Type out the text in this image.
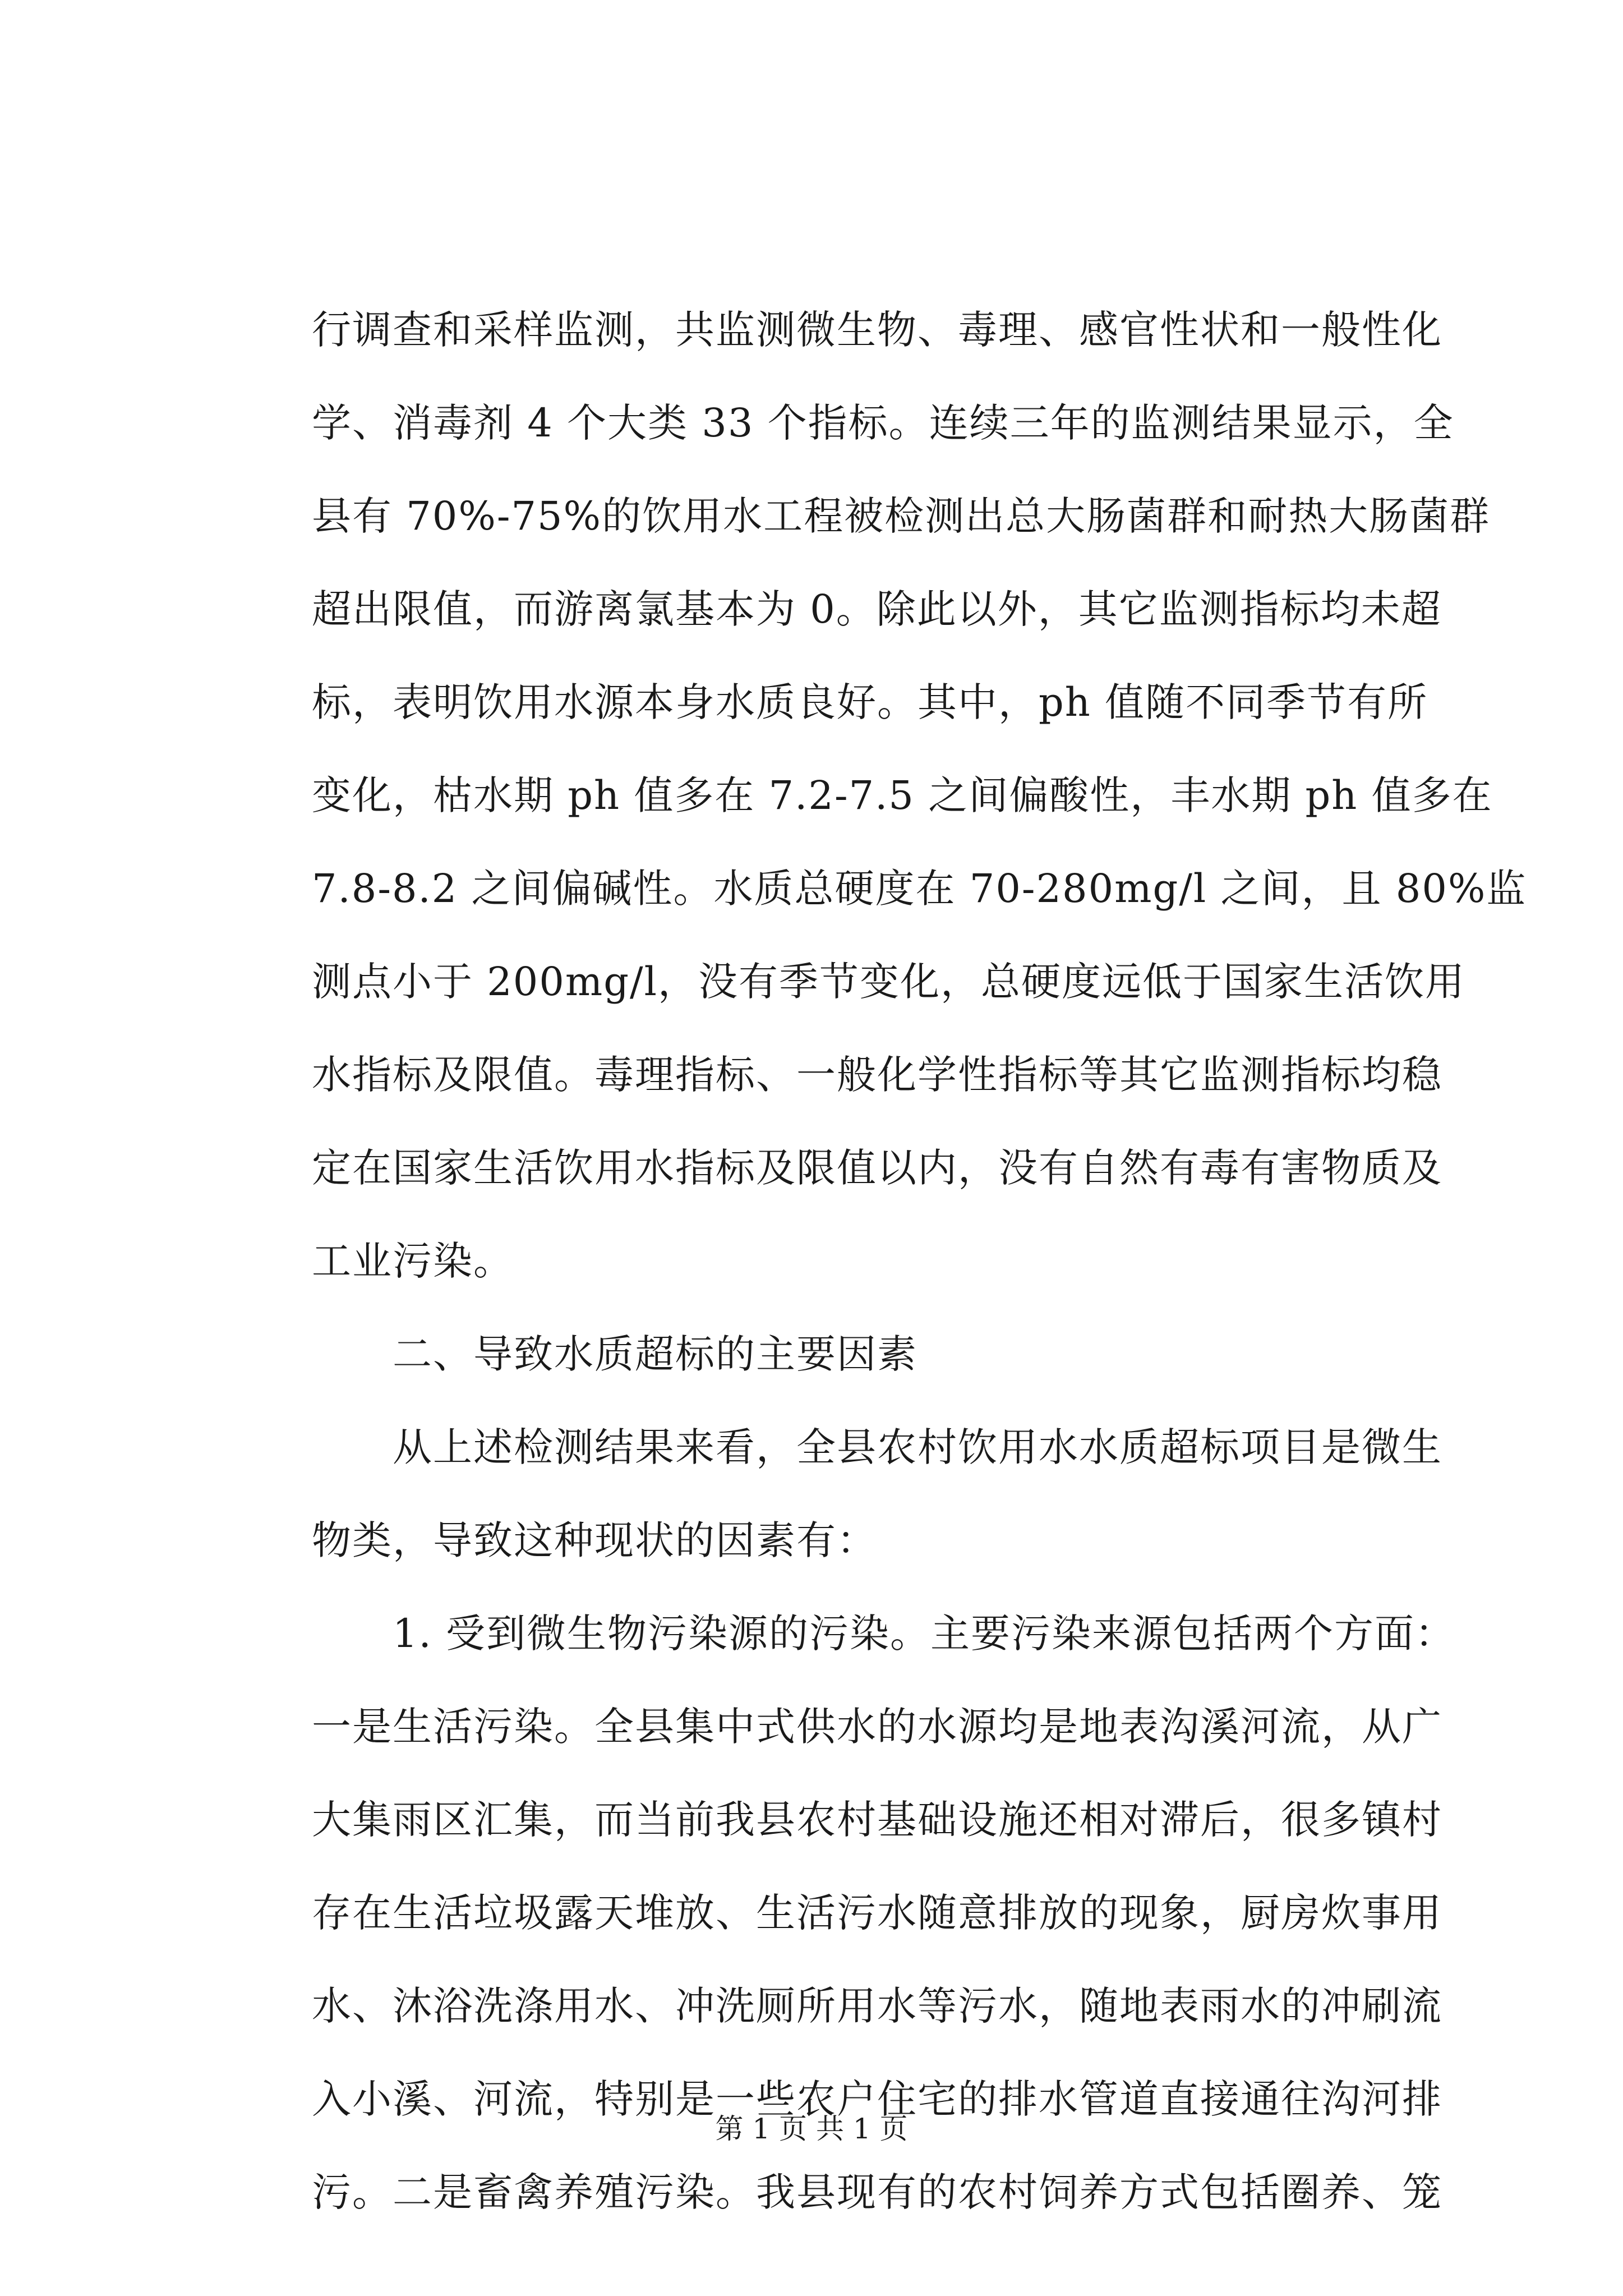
行调查和采样监测，共监测微生物、毒理、感官性状和一般性化
学、消毒剂 4 个大类 33 个指标。连续三年的监测结果显示，全
县有 70%-75%的饮用水工程被检测出总大肠菌群和耐热大肠菌群
超出限值，而游离氯基本为 0。除此以外，其它监测指标均未超
标，表明饮用水源本身水质良好。其中，ph 值随不同季节有所
变化，枯水期 ph 值多在 7.2-7.5 之间偏酸性，丰水期 ph 值多在
7.8-8.2 之间偏碱性。水质总硬度在 70-280mg/l 之间，且 80%监
测点小于 200mg/l，没有季节变化，总硬度远低于国家生活饮用
水指标及限值。毒理指标、一般化学性指标等其它监测指标均稳
定在国家生活饮用水指标及限值以内，没有自然有毒有害物质及
工业污染。
　　二、导致水质超标的主要因素
　　从上述检测结果来看，全县农村饮用水水质超标项目是微生
物类，导致这种现状的因素有：
　　1. 受到微生物污染源的污染。主要污染来源包括两个方面：
一是生活污染。全县集中式供水的水源均是地表沟溪河流，从广
大集雨区汇集，而当前我县农村基础设施还相对滞后，很多镇村
存在生活垃圾露天堆放、生活污水随意排放的现象，厨房炊事用
水、沐浴洗涤用水、冲洗厕所用水等污水，随地表雨水的冲刷流
入小溪、河流，特别是一些农户住宅的排水管道直接通往沟河排
污。二是畜禽养殖污染。我县现有的农村饲养方式包括圈养、笼
第 1 页 共 1 页
